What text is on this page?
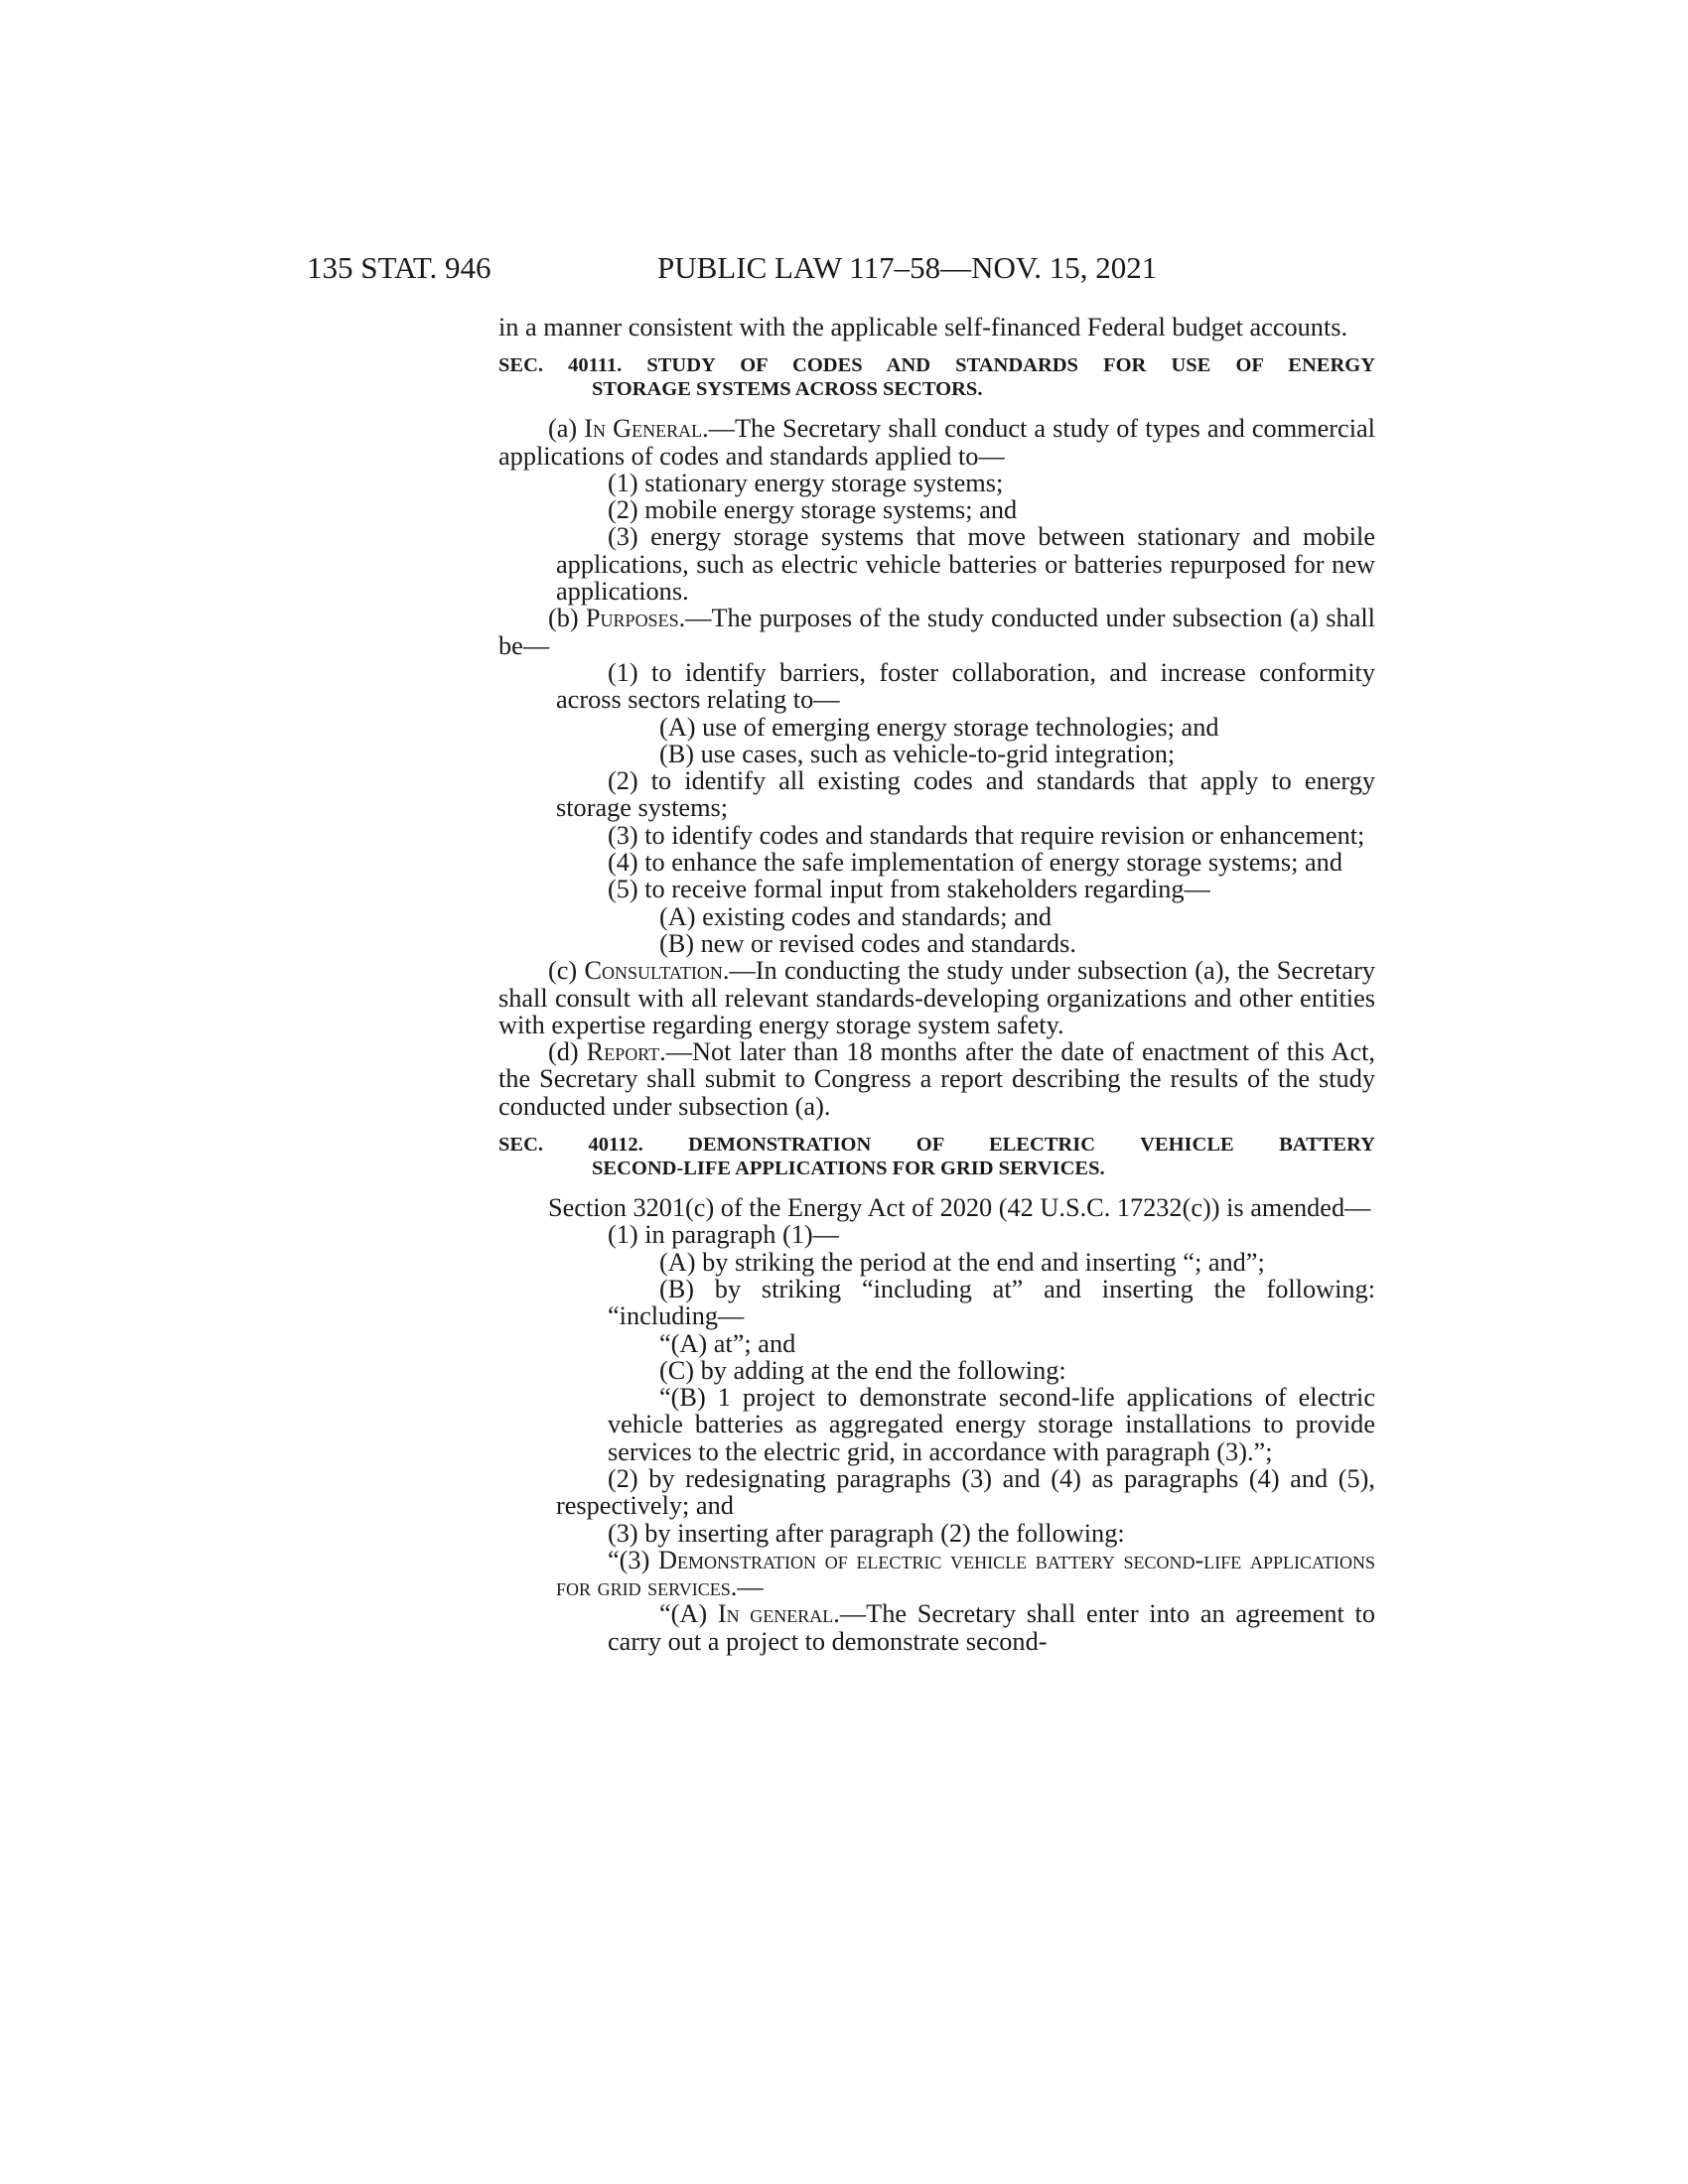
135 STAT. 946	PUBLIC LAW 117–58—NOV. 15, 2021

in a manner consistent with the applicable self-financed Federal budget accounts.

SEC. 40111. STUDY OF CODES AND STANDARDS FOR USE OF ENERGY
STORAGE SYSTEMS ACROSS SECTORS.

(a) In General.—The Secretary shall conduct a study of types and commercial applications of codes and standards applied to—

(1) stationary energy storage systems;

(2) mobile energy storage systems; and

(3) energy storage systems that move between stationary and mobile applications, such as electric vehicle batteries or batteries repurposed for new applications.

(b) Purposes.—The purposes of the study conducted under subsection (a) shall be—

(1) to identify barriers, foster collaboration, and increase conformity across sectors relating to—

(A) use of emerging energy storage technologies; and

(B) use cases, such as vehicle-to-grid integration;

(2) to identify all existing codes and standards that apply to energy storage systems;

(3) to identify codes and standards that require revision or enhancement;

(4) to enhance the safe implementation of energy storage systems; and

(5) to receive formal input from stakeholders regarding—

(A) existing codes and standards; and

(B) new or revised codes and standards.

(c) Consultation.—In conducting the study under subsection (a), the Secretary shall consult with all relevant standards-developing organizations and other entities with expertise regarding energy storage system safety.

(d) Report.—Not later than 18 months after the date of enactment of this Act, the Secretary shall submit to Congress a report describing the results of the study conducted under subsection (a).

SEC. 40112. DEMONSTRATION OF ELECTRIC VEHICLE BATTERY
SECOND-LIFE APPLICATIONS FOR GRID SERVICES.

Section 3201(c) of the Energy Act of 2020 (42 U.S.C. 17232(c)) is amended—

(1) in paragraph (1)—

(A) by striking the period at the end and inserting “; and”;

(B) by striking “including at” and inserting the following: “including—

“(A) at”; and

(C) by adding at the end the following:

“(B) 1 project to demonstrate second-life applications of electric vehicle batteries as aggregated energy storage installations to provide services to the electric grid, in accordance with paragraph (3).”;

(2) by redesignating paragraphs (3) and (4) as paragraphs (4) and (5), respectively; and

(3) by inserting after paragraph (2) the following:

“(3) Demonstration of electric vehicle battery second-life applications for grid services.—

“(A) In general.—The Secretary shall enter into an agreement to carry out a project to demonstrate second-
